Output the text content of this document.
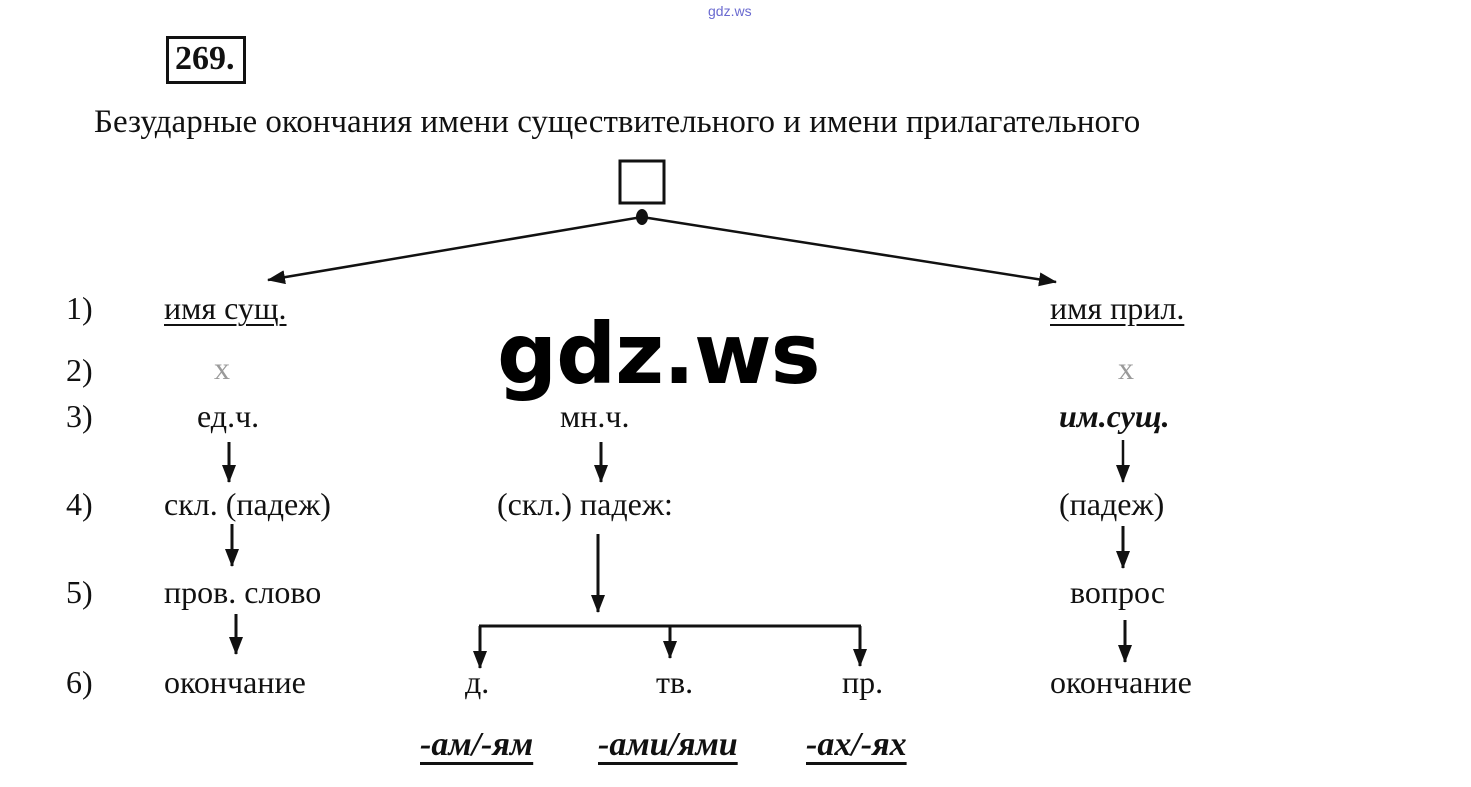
gdz.ws
269.
Безударные окончания имени существительного и имени прилагательного
1)
2)
3)
4)
5)
6)
имя сущ.
х
ед.ч.
скл. (падеж)
пров. слово
окончание
мн.ч.
(скл.) падеж:
д.	тв.	пр.
-ам/-ям -ами/ями -ах/-ях
имя прил.
х
им.сущ.
(падеж)
вопрос
окончание
gdz.ws
